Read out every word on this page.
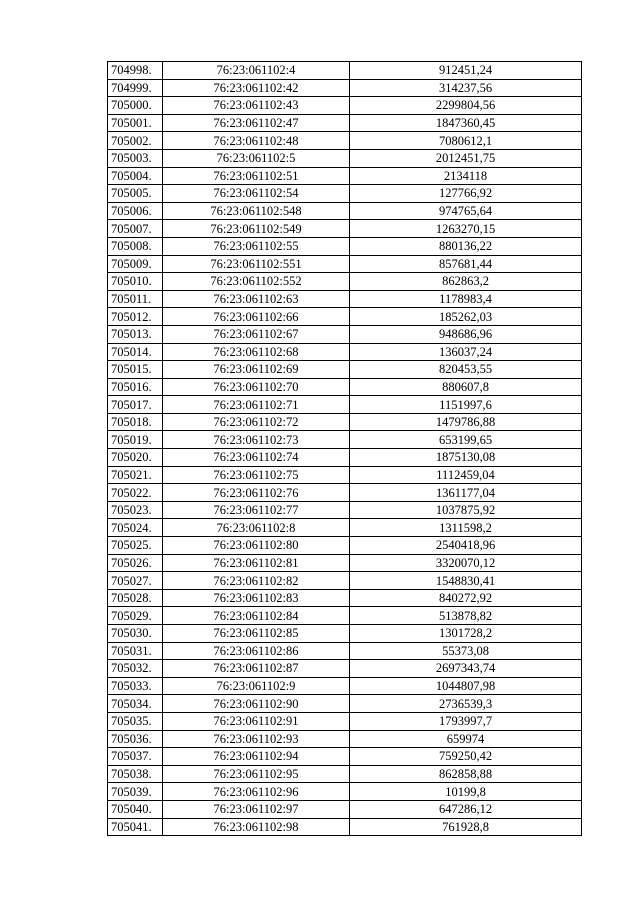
704998.	76:23:061102:4	912451,24
704999.	76:23:061102:42	314237,56
705000.	76:23:061102:43	2299804,56
705001.	76:23:061102:47	1847360,45
705002.	76:23:061102:48	7080612,1
705003.	76:23:061102:5	2012451,75
705004.	76:23:061102:51	2134118
705005.	76:23:061102:54	127766,92
705006.	76:23:061102:548	974765,64
705007.	76:23:061102:549	1263270,15
705008.	76:23:061102:55	880136,22
705009.	76:23:061102:551	857681,44
705010.	76:23:061102:552	862863,2
705011.	76:23:061102:63	1178983,4
705012.	76:23:061102:66	185262,03
705013.	76:23:061102:67	948686,96
705014.	76:23:061102:68	136037,24
705015.	76:23:061102:69	820453,55
705016.	76:23:061102:70	880607,8
705017.	76:23:061102:71	1151997,6
705018.	76:23:061102:72	1479786,88
705019.	76:23:061102:73	653199,65
705020.	76:23:061102:74	1875130,08
705021.	76:23:061102:75	1112459,04
705022.	76:23:061102:76	1361177,04
705023.	76:23:061102:77	1037875,92
705024.	76:23:061102:8	1311598,2
705025.	76:23:061102:80	2540418,96
705026.	76:23:061102:81	3320070,12
705027.	76:23:061102:82	1548830,41
705028.	76:23:061102:83	840272,92
705029.	76:23:061102:84	513878,82
705030.	76:23:061102:85	1301728,2
705031.	76:23:061102:86	55373,08
705032.	76:23:061102:87	2697343,74
705033.	76:23:061102:9	1044807,98
705034.	76:23:061102:90	2736539,3
705035.	76:23:061102:91	1793997,7
705036.	76:23:061102:93	659974
705037.	76:23:061102:94	759250,42
705038.	76:23:061102:95	862858,88
705039.	76:23:061102:96	10199,8
705040.	76:23:061102:97	647286,12
705041.	76:23:061102:98	761928,8
